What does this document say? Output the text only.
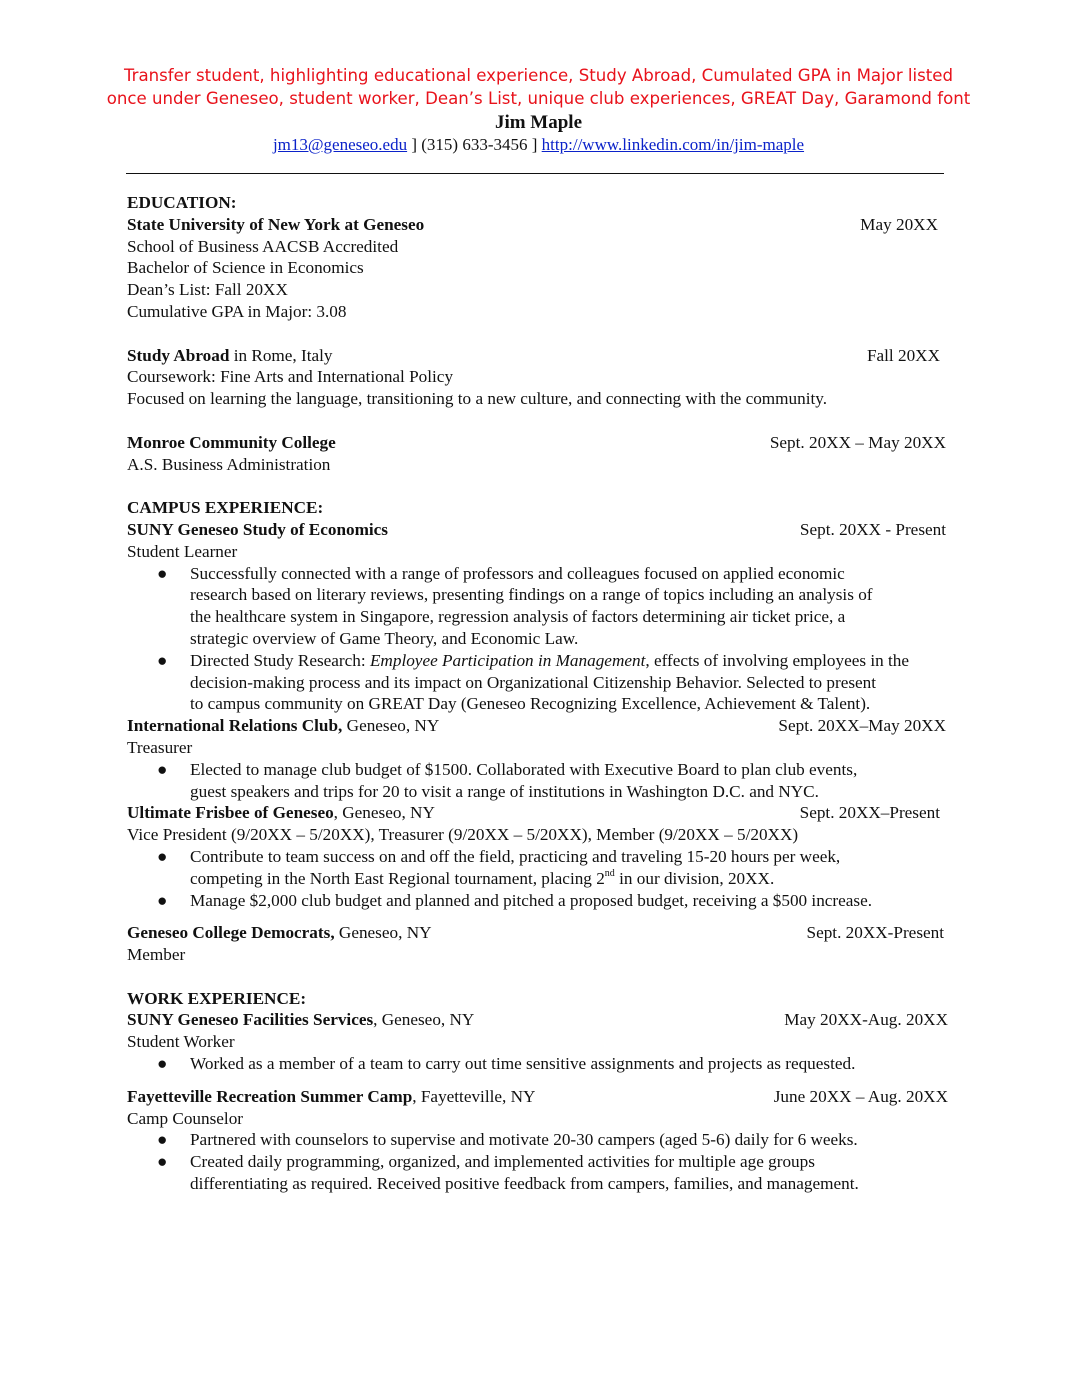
Transfer student, highlighting educational experience, Study Abroad, Cumulated GPA in Major listed
once under Geneseo, student worker, Dean’s List, unique club experiences, GREAT Day, Garamond font
Jim Maple
jm13@geneseo.edu ] (315) 633-3456 ] http://www.linkedin.com/in/jim-maple
EDUCATION:
State University of New York at Geneseo	May 20XX
School of Business AACSB Accredited
Bachelor of Science in Economics
Dean’s List: Fall 20XX
Cumulative GPA in Major: 3.08
Study Abroad in Rome, Italy	Fall 20XX
Coursework: Fine Arts and International Policy
Focused on learning the language, transitioning to a new culture, and connecting with the community.
Monroe Community College	Sept. 20XX – May 20XX
A.S. Business Administration
CAMPUS EXPERIENCE:
SUNY Geneseo Study of Economics	Sept. 20XX - Present
Student Learner
● Successfully connected with a range of professors and colleagues focused on applied economic
research based on literary reviews, presenting findings on a range of topics including an analysis of
the healthcare system in Singapore, regression analysis of factors determining air ticket price, a
strategic overview of Game Theory, and Economic Law.
● Directed Study Research: Employee Participation in Management, effects of involving employees in the
decision-making process and its impact on Organizational Citizenship Behavior. Selected to present
to campus community on GREAT Day (Geneseo Recognizing Excellence, Achievement & Talent).
International Relations Club, Geneseo, NY	Sept. 20XX–May 20XX
Treasurer
● Elected to manage club budget of $1500. Collaborated with Executive Board to plan club events,
guest speakers and trips for 20 to visit a range of institutions in Washington D.C. and NYC.
Ultimate Frisbee of Geneseo, Geneseo, NY	Sept. 20XX–Present
Vice President (9/20XX – 5/20XX), Treasurer (9/20XX – 5/20XX), Member (9/20XX – 5/20XX)
● Contribute to team success on and off the field, practicing and traveling 15-20 hours per week,
competing in the North East Regional tournament, placing 2nd in our division, 20XX.
● Manage $2,000 club budget and planned and pitched a proposed budget, receiving a $500 increase.
Geneseo College Democrats, Geneseo, NY	Sept. 20XX-Present
Member
WORK EXPERIENCE:
SUNY Geneseo Facilities Services, Geneseo, NY	May 20XX-Aug. 20XX
Student Worker
● Worked as a member of a team to carry out time sensitive assignments and projects as requested.
Fayetteville Recreation Summer Camp, Fayetteville, NY	June 20XX – Aug. 20XX
Camp Counselor
● Partnered with counselors to supervise and motivate 20-30 campers (aged 5-6) daily for 6 weeks.
● Created daily programming, organized, and implemented activities for multiple age groups
differentiating as required. Received positive feedback from campers, families, and management.
